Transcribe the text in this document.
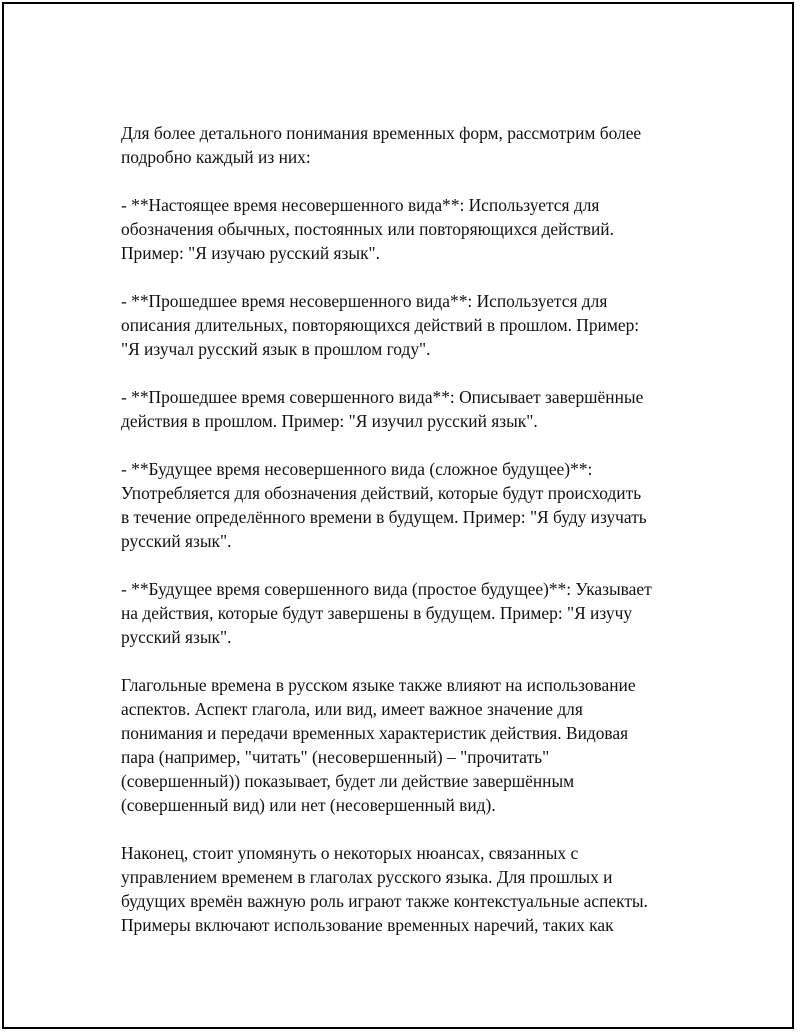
Для более детального понимания временных форм, рассмотрим более
подробно каждый из них:

- **Настоящее время несовершенного вида**: Используется для
обозначения обычных, постоянных или повторяющихся действий.
Пример: "Я изучаю русский язык".

- **Прошедшее время несовершенного вида**: Используется для
описания длительных, повторяющихся действий в прошлом. Пример:
"Я изучал русский язык в прошлом году".

- **Прошедшее время совершенного вида**: Описывает завершённые
действия в прошлом. Пример: "Я изучил русский язык".

- **Будущее время несовершенного вида (сложное будущее)**:
Употребляется для обозначения действий, которые будут происходить
в течение определённого времени в будущем. Пример: "Я буду изучать
русский язык".

- **Будущее время совершенного вида (простое будущее)**: Указывает
на действия, которые будут завершены в будущем. Пример: "Я изучу
русский язык".

Глагольные времена в русском языке также влияют на использование
аспектов. Аспект глагола, или вид, имеет важное значение для
понимания и передачи временных характеристик действия. Видовая
пара (например, "читать" (несовершенный) – "прочитать"
(совершенный)) показывает, будет ли действие завершённым
(совершенный вид) или нет (несовершенный вид).

Наконец, стоит упомянуть о некоторых нюансах, связанных с
управлением временем в глаголах русского языка. Для прошлых и
будущих времён важную роль играют также контекстуальные аспекты.
Примеры включают использование временных наречий, таких как
